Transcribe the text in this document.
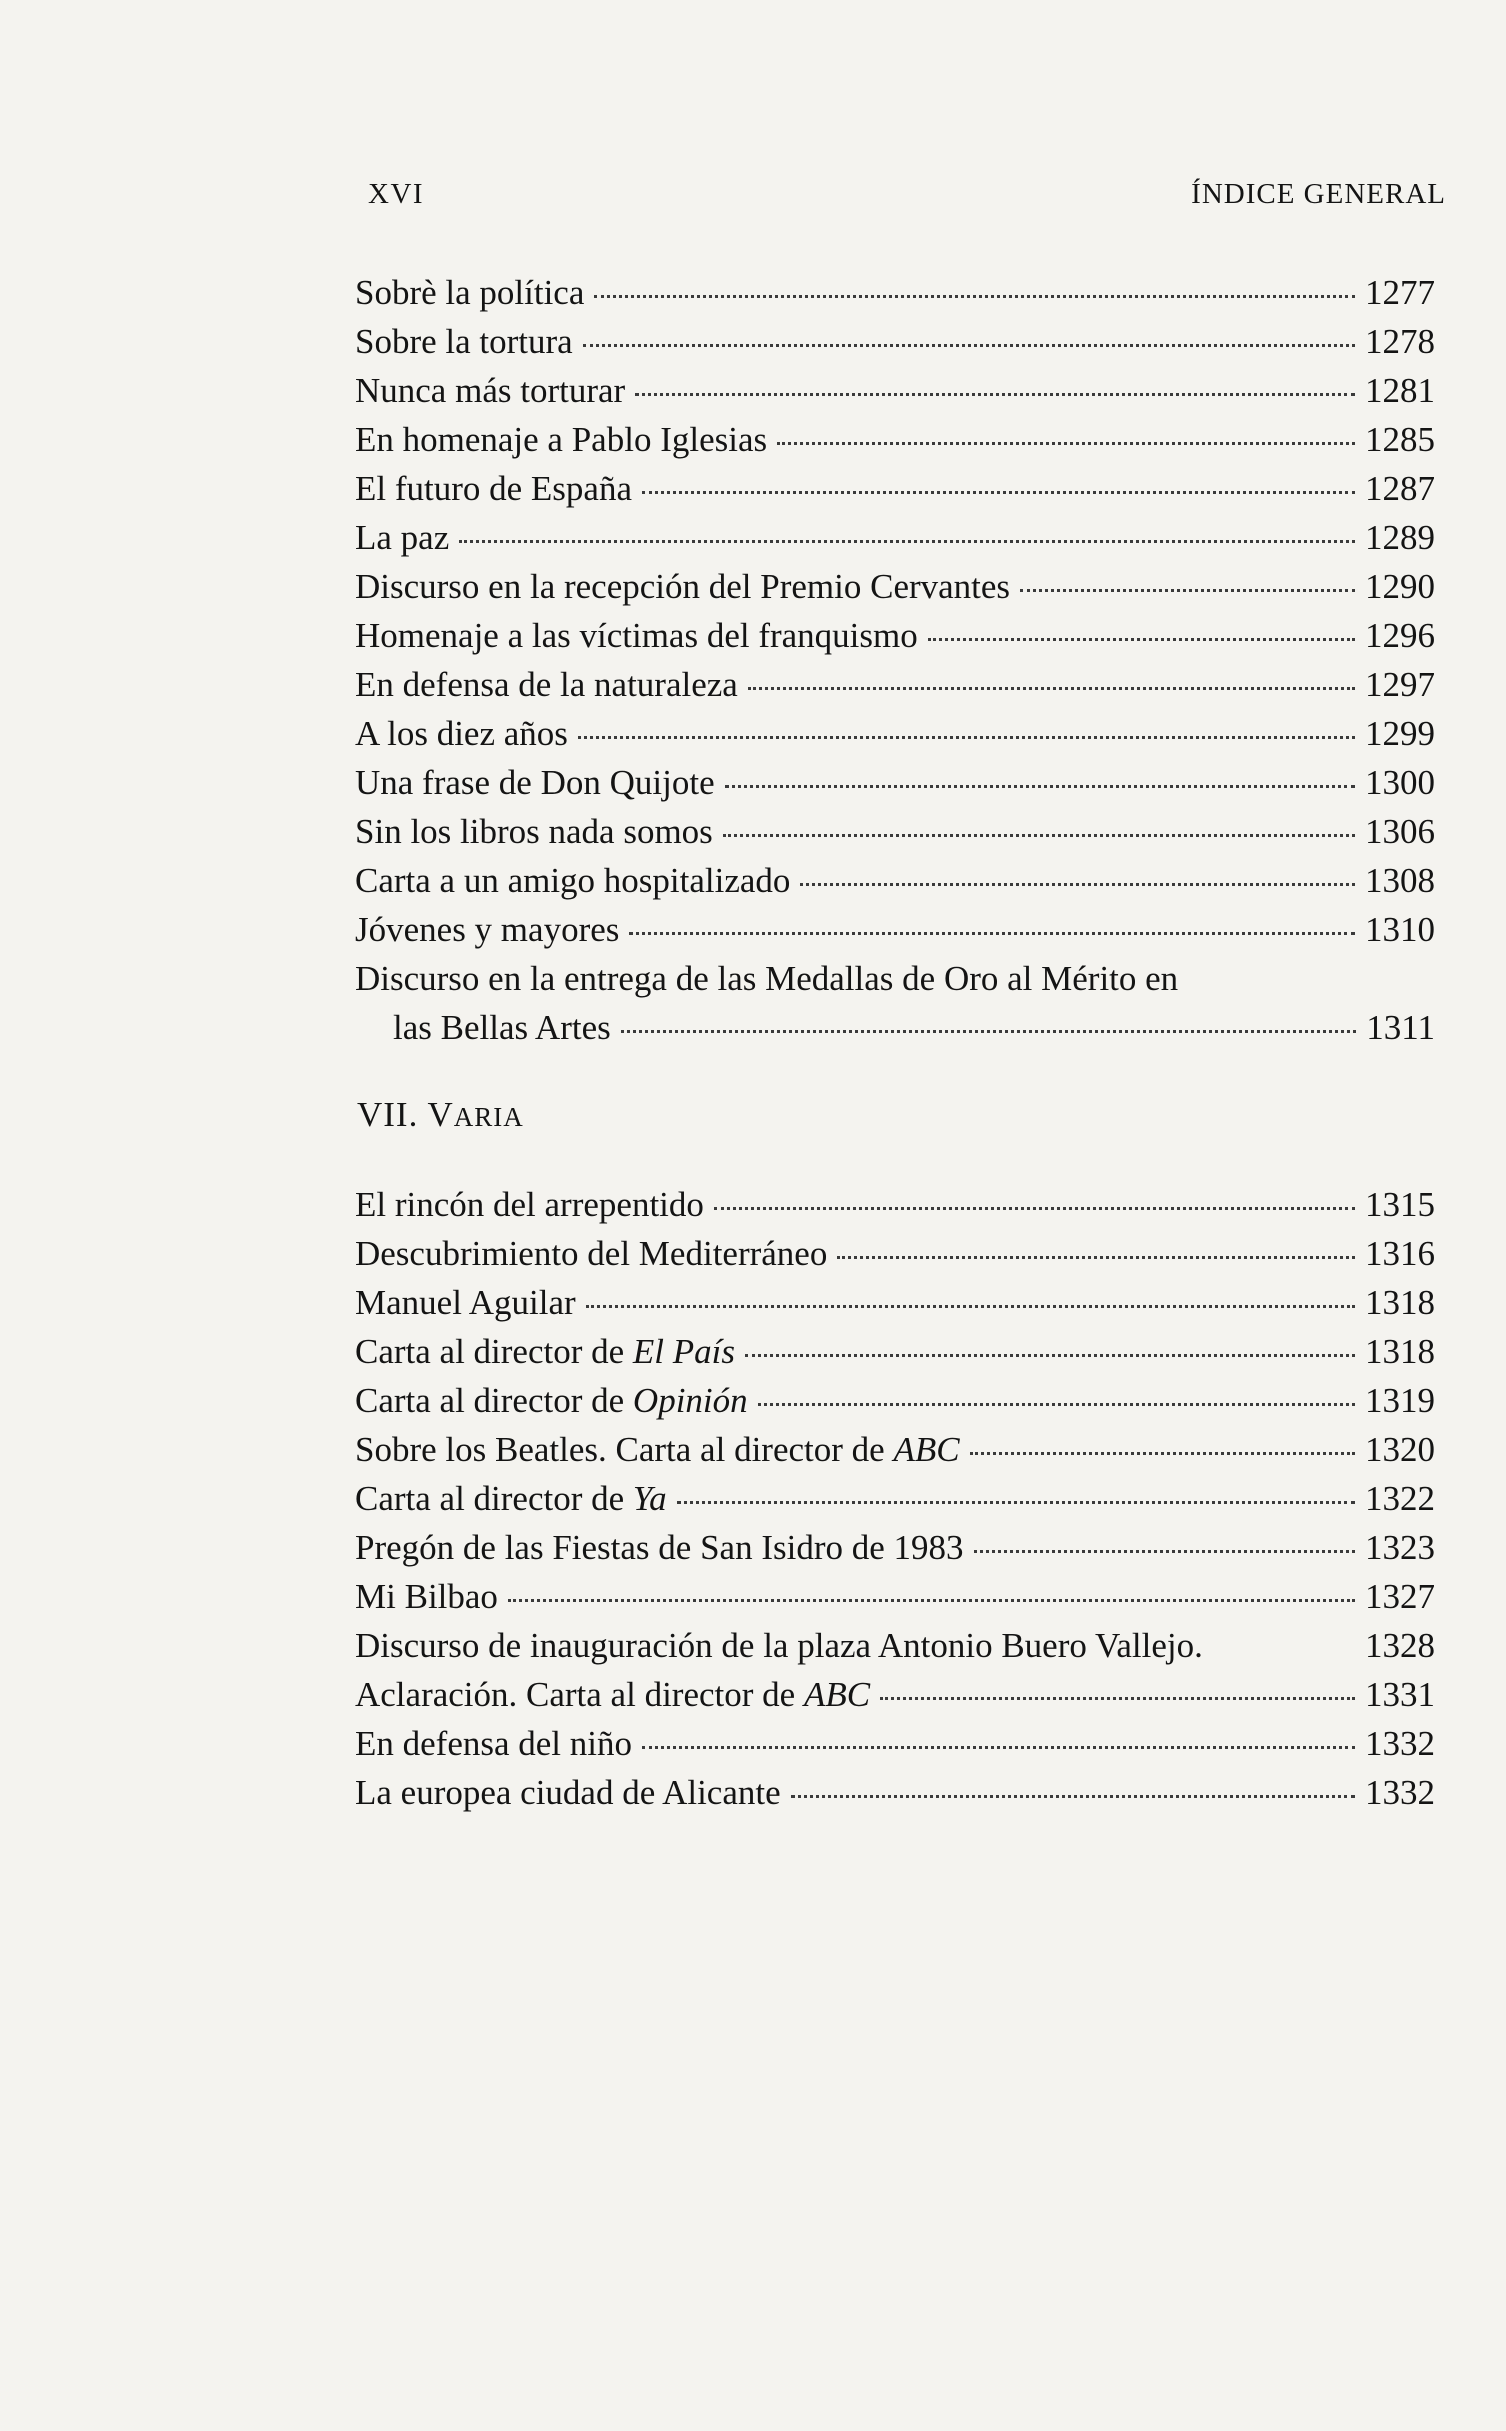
XVI	ÍNDICE GENERAL
Sobrè la política	1277
Sobre la tortura	1278
Nunca más torturar	1281
En homenaje a Pablo Iglesias	1285
El futuro de España	1287
La paz	1289
Discurso en la recepción del Premio Cervantes	1290
Homenaje a las víctimas del franquismo	1296
En defensa de la naturaleza	1297
A los diez años	1299
Una frase de Don Quijote	1300
Sin los libros nada somos	1306
Carta a un amigo hospitalizado	1308
Jóvenes y mayores	1310
Discurso en la entrega de las Medallas de Oro al Mérito en
las Bellas Artes	1311
VII. VARIA
El rincón del arrepentido	1315
Descubrimiento del Mediterráneo	1316
Manuel Aguilar	1318
Carta al director de El País	1318
Carta al director de Opinión	1319
Sobre los Beatles. Carta al director de ABC	1320
Carta al director de Ya	1322
Pregón de las Fiestas de San Isidro de 1983	1323
Mi Bilbao	1327
Discurso de inauguración de la plaza Antonio Buero Vallejo.	1328
Aclaración. Carta al director de ABC	1331
En defensa del niño	1332
La europea ciudad de Alicante	1332
